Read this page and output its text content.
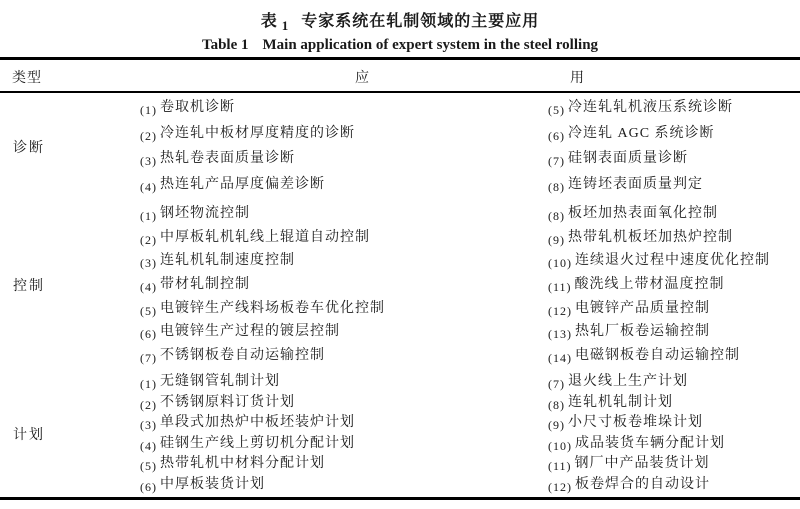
表 $_1$ 专家系统在轧制领域的主要应用
Table 1 Main application of expert system in the steel rolling
类型	应	用
诊断
(1) 卷取机诊断
(2) 冷连轧中板材厚度精度的诊断
(3) 热轧卷表面质量诊断
(4) 热连轧产品厚度偏差诊断
(5) 冷连轧轧机液压系统诊断
(6) 冷连轧 AGC 系统诊断
(7) 硅钢表面质量诊断
(8) 连铸坯表面质量判定
控制
(1) 钢坯物流控制
(2) 中厚板轧机轧线上辊道自动控制
(3) 连轧机轧制速度控制
(4) 带材轧制控制
(5) 电镀锌生产线料场板卷车优化控制
(6) 电镀锌生产过程的镀层控制
(7) 不锈钢板卷自动运输控制
(8) 板坯加热表面氧化控制
(9) 热带轧机板坯加热炉控制
(10) 连续退火过程中速度优化控制
(11) 酸洗线上带材温度控制
(12) 电镀锌产品质量控制
(13) 热轧厂板卷运输控制
(14) 电磁钢板卷自动运输控制
计划
(1) 无缝钢管轧制计划
(2) 不锈钢原料订货计划
(3) 单段式加热炉中板坯装炉计划
(4) 硅钢生产线上剪切机分配计划
(5) 热带轧机中材料分配计划
(6) 中厚板装货计划
(7) 退火线上生产计划
(8) 连轧机轧制计划
(9) 小尺寸板卷堆垛计划
(10) 成品装货车辆分配计划
(11) 钢厂中产品装货计划
(12) 板卷焊合的自动设计
